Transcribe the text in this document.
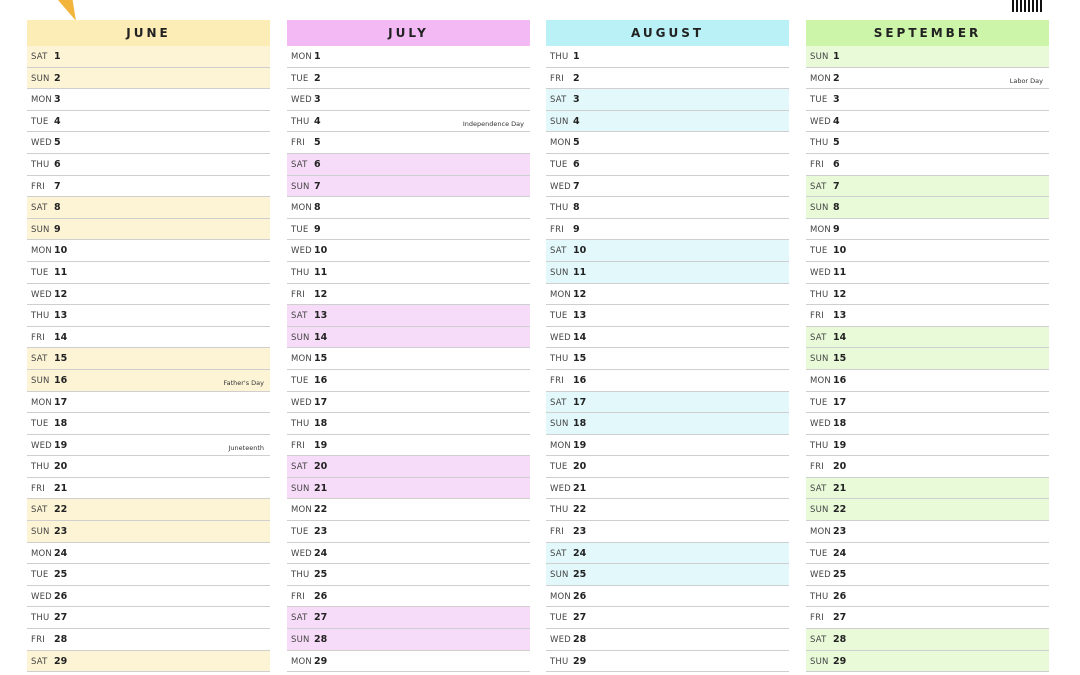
JUNE
SAT 1
SUN 2
MON 3
TUE 4
WED 5
THU 6
FRI 7
SAT 8
SUN 9
MON 10
TUE 11
WED 12
THU 13
FRI 14
SAT 15
SUN 16	Father's Day
MON 17
TUE 18
WED 19	Juneteenth
THU 20
FRI 21
SAT 22
SUN 23
MON 24
TUE 25
WED 26
THU 27
FRI 28
SAT 29
JULY
MON 1
TUE 2
WED 3
THU 4	Independence Day
FRI 5
SAT 6
SUN 7
MON 8
TUE 9
WED 10
THU 11
FRI 12
SAT 13
SUN 14
MON 15
TUE 16
WED 17
THU 18
FRI 19
SAT 20
SUN 21
MON 22
TUE 23
WED 24
THU 25
FRI 26
SAT 27
SUN 28
MON 29
AUGUST
THU 1
FRI 2
SAT 3
SUN 4
MON 5
TUE 6
WED 7
THU 8
FRI 9
SAT 10
SUN 11
MON 12
TUE 13
WED 14
THU 15
FRI 16
SAT 17
SUN 18
MON 19
TUE 20
WED 21
THU 22
FRI 23
SAT 24
SUN 25
MON 26
TUE 27
WED 28
THU 29
SEPTEMBER
SUN 1
MON 2	Labor Day
TUE 3
WED 4
THU 5
FRI 6
SAT 7
SUN 8
MON 9
TUE 10
WED 11
THU 12
FRI 13
SAT 14
SUN 15
MON 16
TUE 17
WED 18
THU 19
FRI 20
SAT 21
SUN 22
MON 23
TUE 24
WED 25
THU 26
FRI 27
SAT 28
SUN 29
